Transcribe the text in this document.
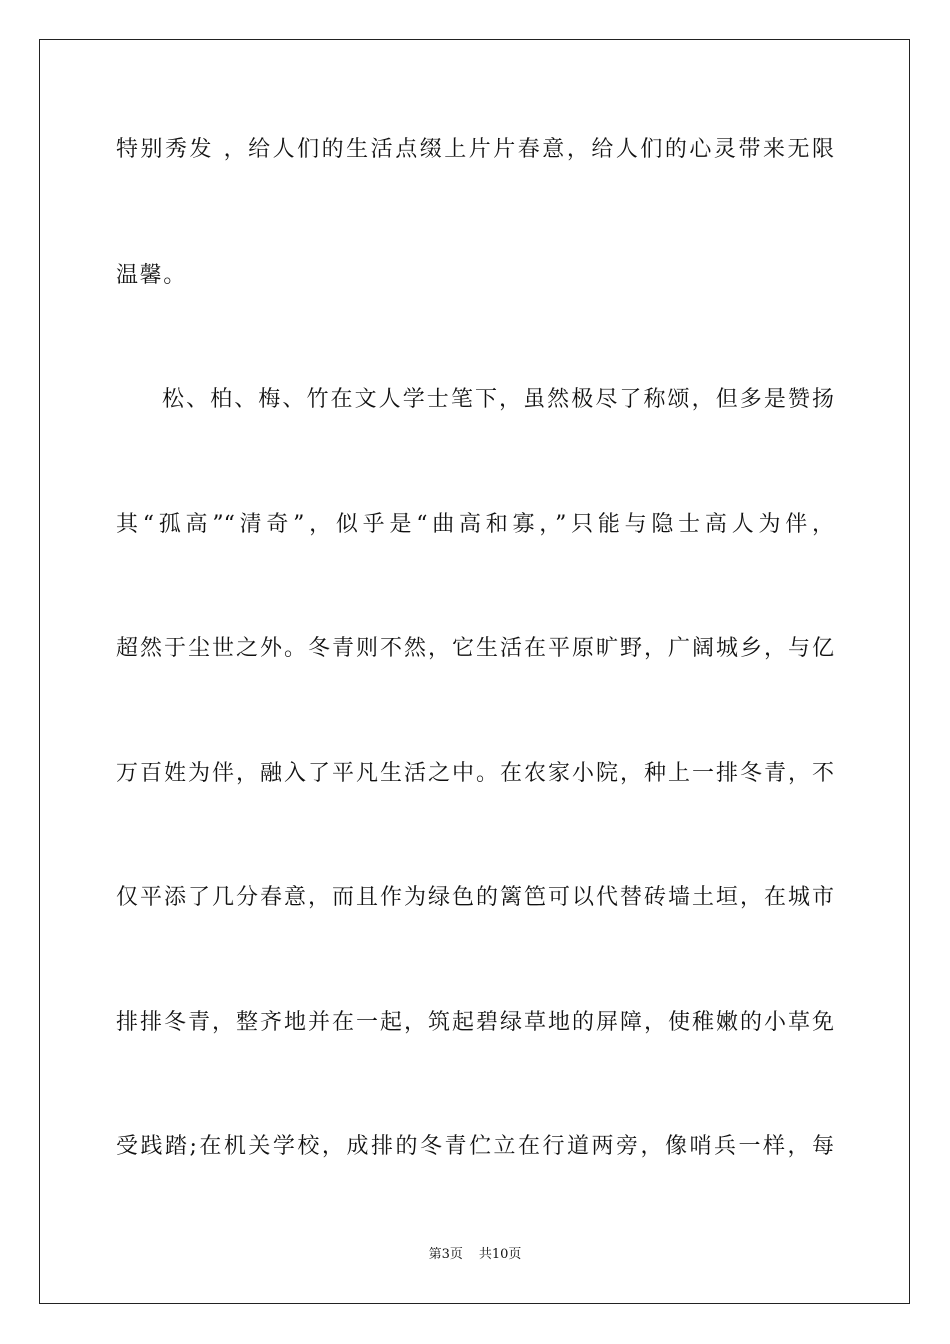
特别秀发 ，给人们的生活点缀上片片春意，给人们的心灵带来无限
温馨。
松、柏、梅、竹在文人学士笔下，虽然极尽了称颂，但多是赞扬
其“孤高”“清奇”，似乎是“曲高和寡，”只能与隐士高人为伴，
超然于尘世之外。冬青则不然，它生活在平原旷野，广阔城乡，与亿
万百姓为伴，融入了平凡生活之中。在农家小院，种上一排冬青，不
仅平添了几分春意，而且作为绿色的篱笆可以代替砖墙土垣，在城市
排排冬青，整齐地并在一起，筑起碧绿草地的屏障，使稚嫩的小草免
受践踏;在机关学校，成排的冬青伫立在行道两旁，像哨兵一样，每
第3页 共10页
